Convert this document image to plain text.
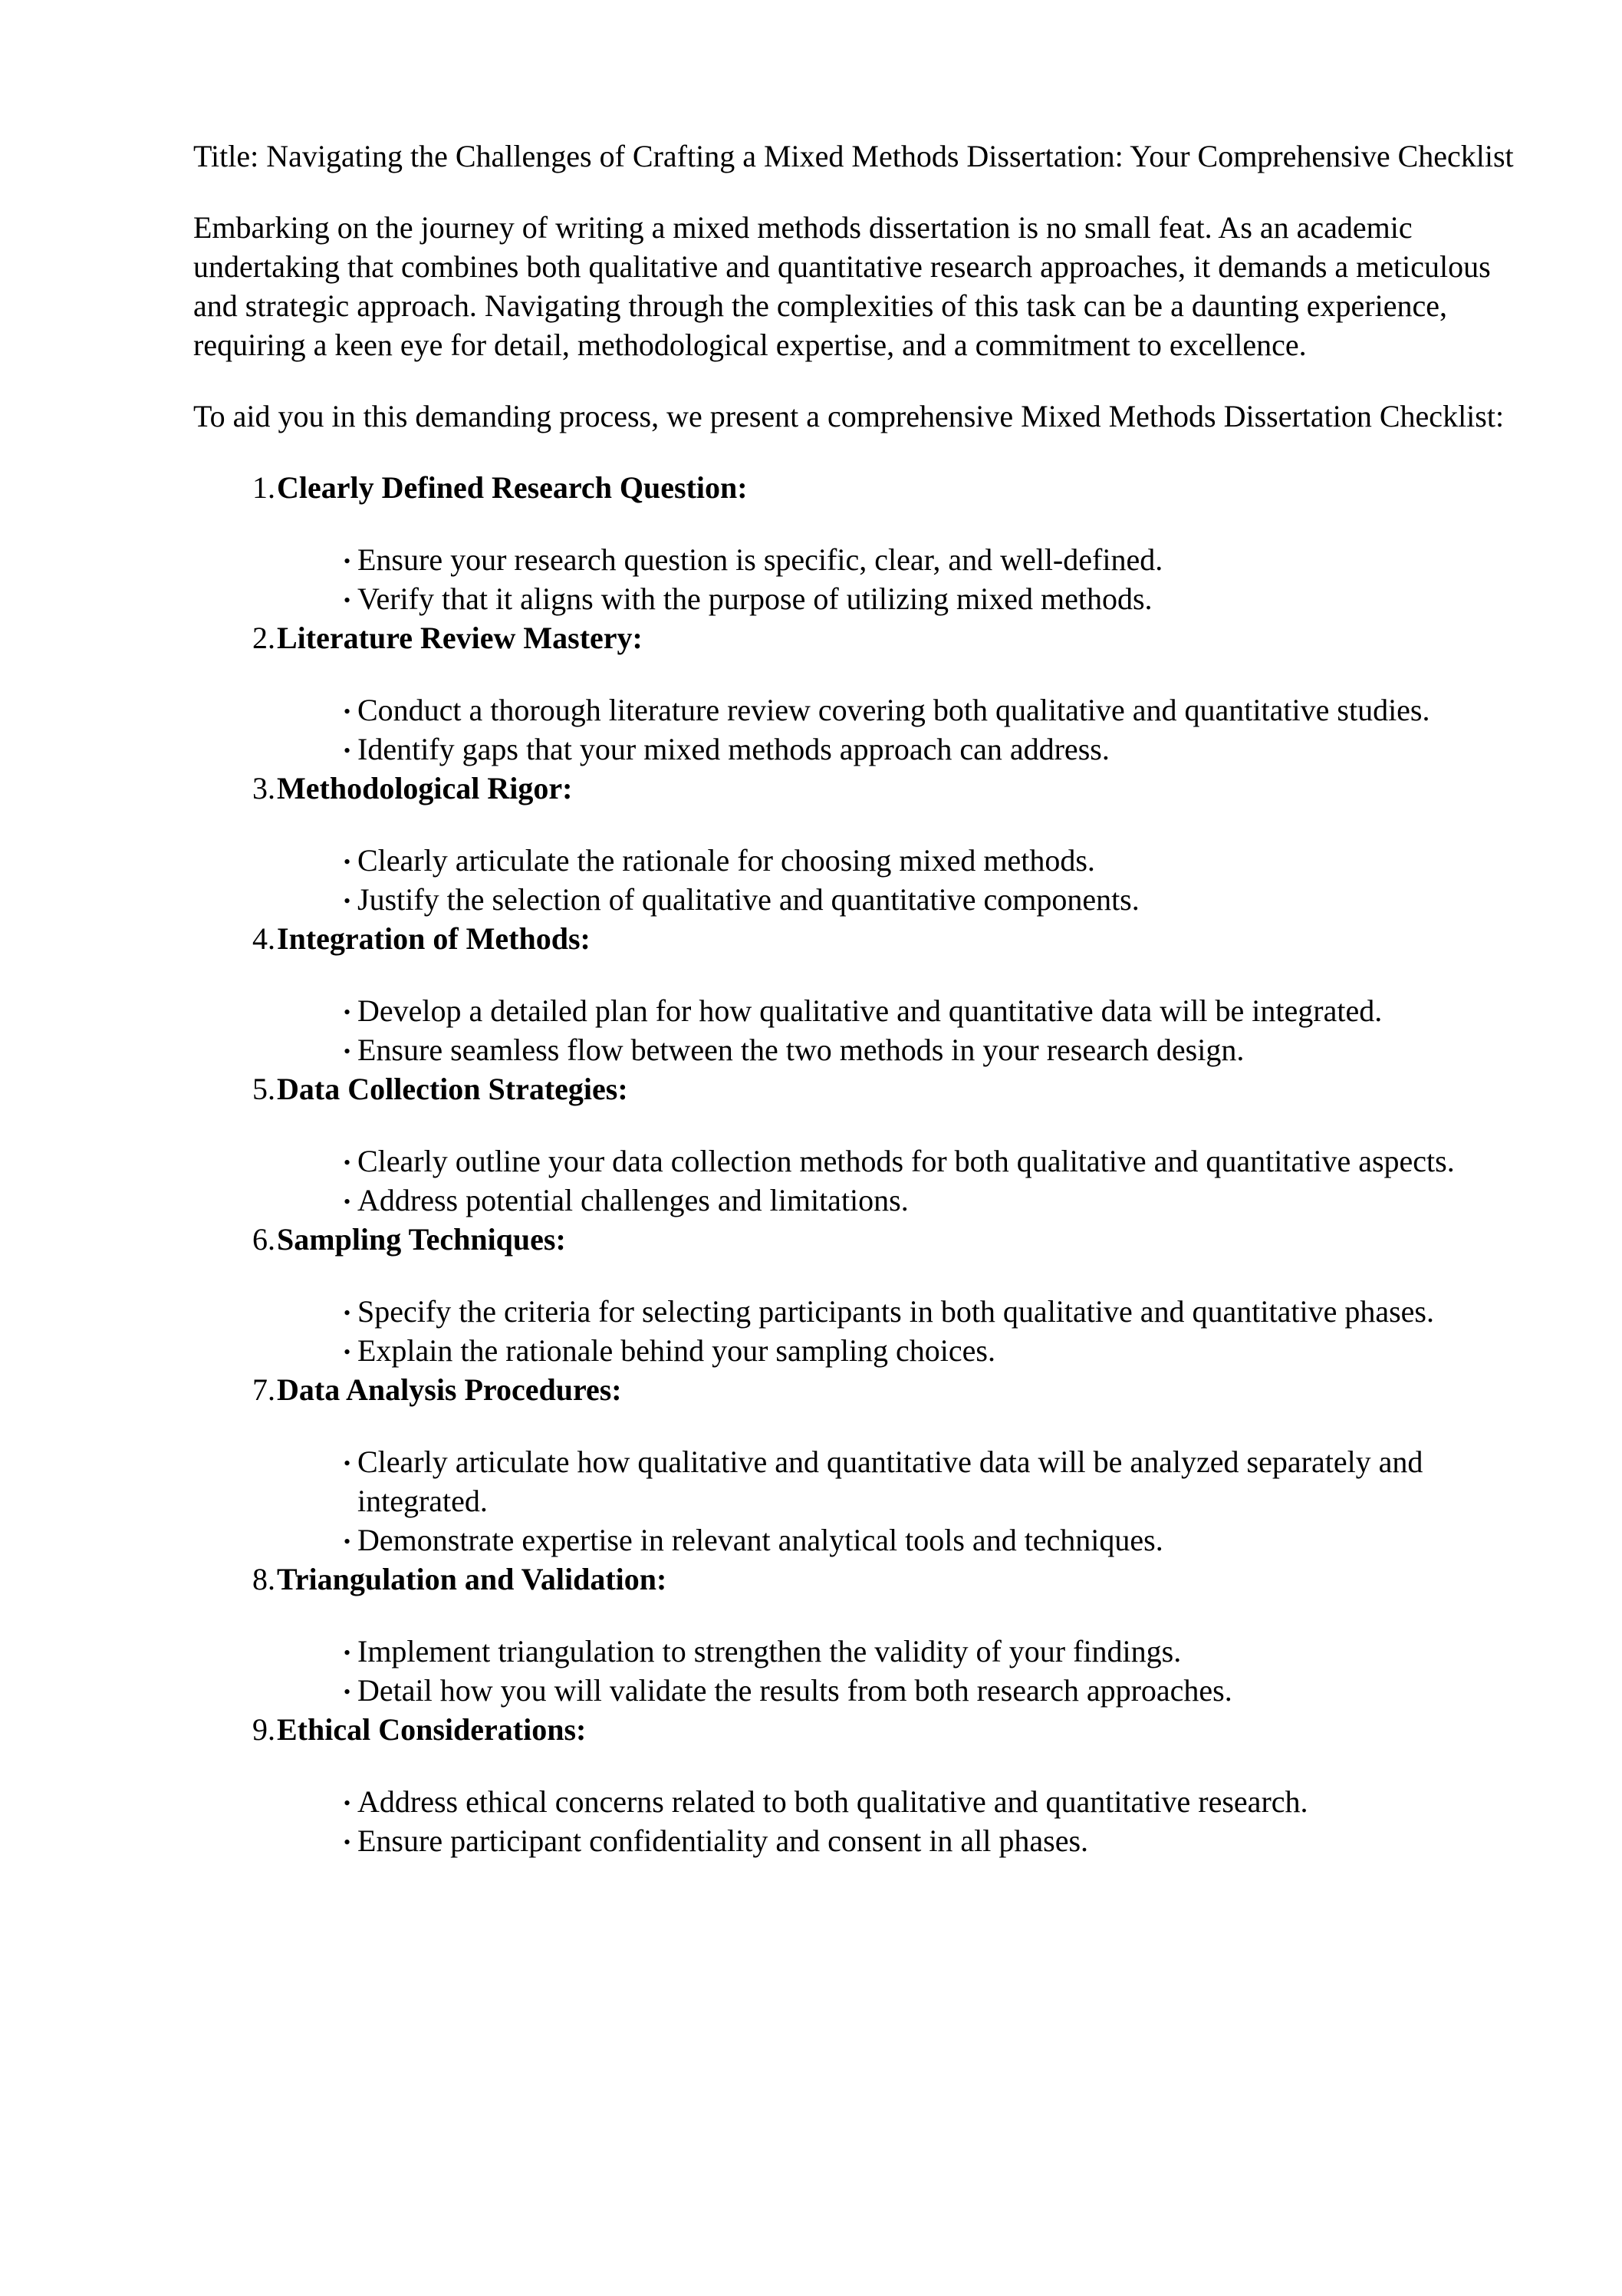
Title: Navigating the Challenges of Crafting a Mixed Methods Dissertation: Your Comprehensive Checklist

Embarking on the journey of writing a mixed methods dissertation is no small feat. As an academic undertaking that combines both qualitative and quantitative research approaches, it demands a meticulous and strategic approach. Navigating through the complexities of this task can be a daunting experience, requiring a keen eye for detail, methodological expertise, and a commitment to excellence.

To aid you in this demanding process, we present a comprehensive Mixed Methods Dissertation Checklist:

1. Clearly Defined Research Question:
• Ensure your research question is specific, clear, and well-defined.
• Verify that it aligns with the purpose of utilizing mixed methods.
2. Literature Review Mastery:
• Conduct a thorough literature review covering both qualitative and quantitative studies.
• Identify gaps that your mixed methods approach can address.
3. Methodological Rigor:
• Clearly articulate the rationale for choosing mixed methods.
• Justify the selection of qualitative and quantitative components.
4. Integration of Methods:
• Develop a detailed plan for how qualitative and quantitative data will be integrated.
• Ensure seamless flow between the two methods in your research design.
5. Data Collection Strategies:
• Clearly outline your data collection methods for both qualitative and quantitative aspects.
• Address potential challenges and limitations.
6. Sampling Techniques:
• Specify the criteria for selecting participants in both qualitative and quantitative phases.
• Explain the rationale behind your sampling choices.
7. Data Analysis Procedures:
• Clearly articulate how qualitative and quantitative data will be analyzed separately and integrated.
• Demonstrate expertise in relevant analytical tools and techniques.
8. Triangulation and Validation:
• Implement triangulation to strengthen the validity of your findings.
• Detail how you will validate the results from both research approaches.
9. Ethical Considerations:
• Address ethical concerns related to both qualitative and quantitative research.
• Ensure participant confidentiality and consent in all phases.
